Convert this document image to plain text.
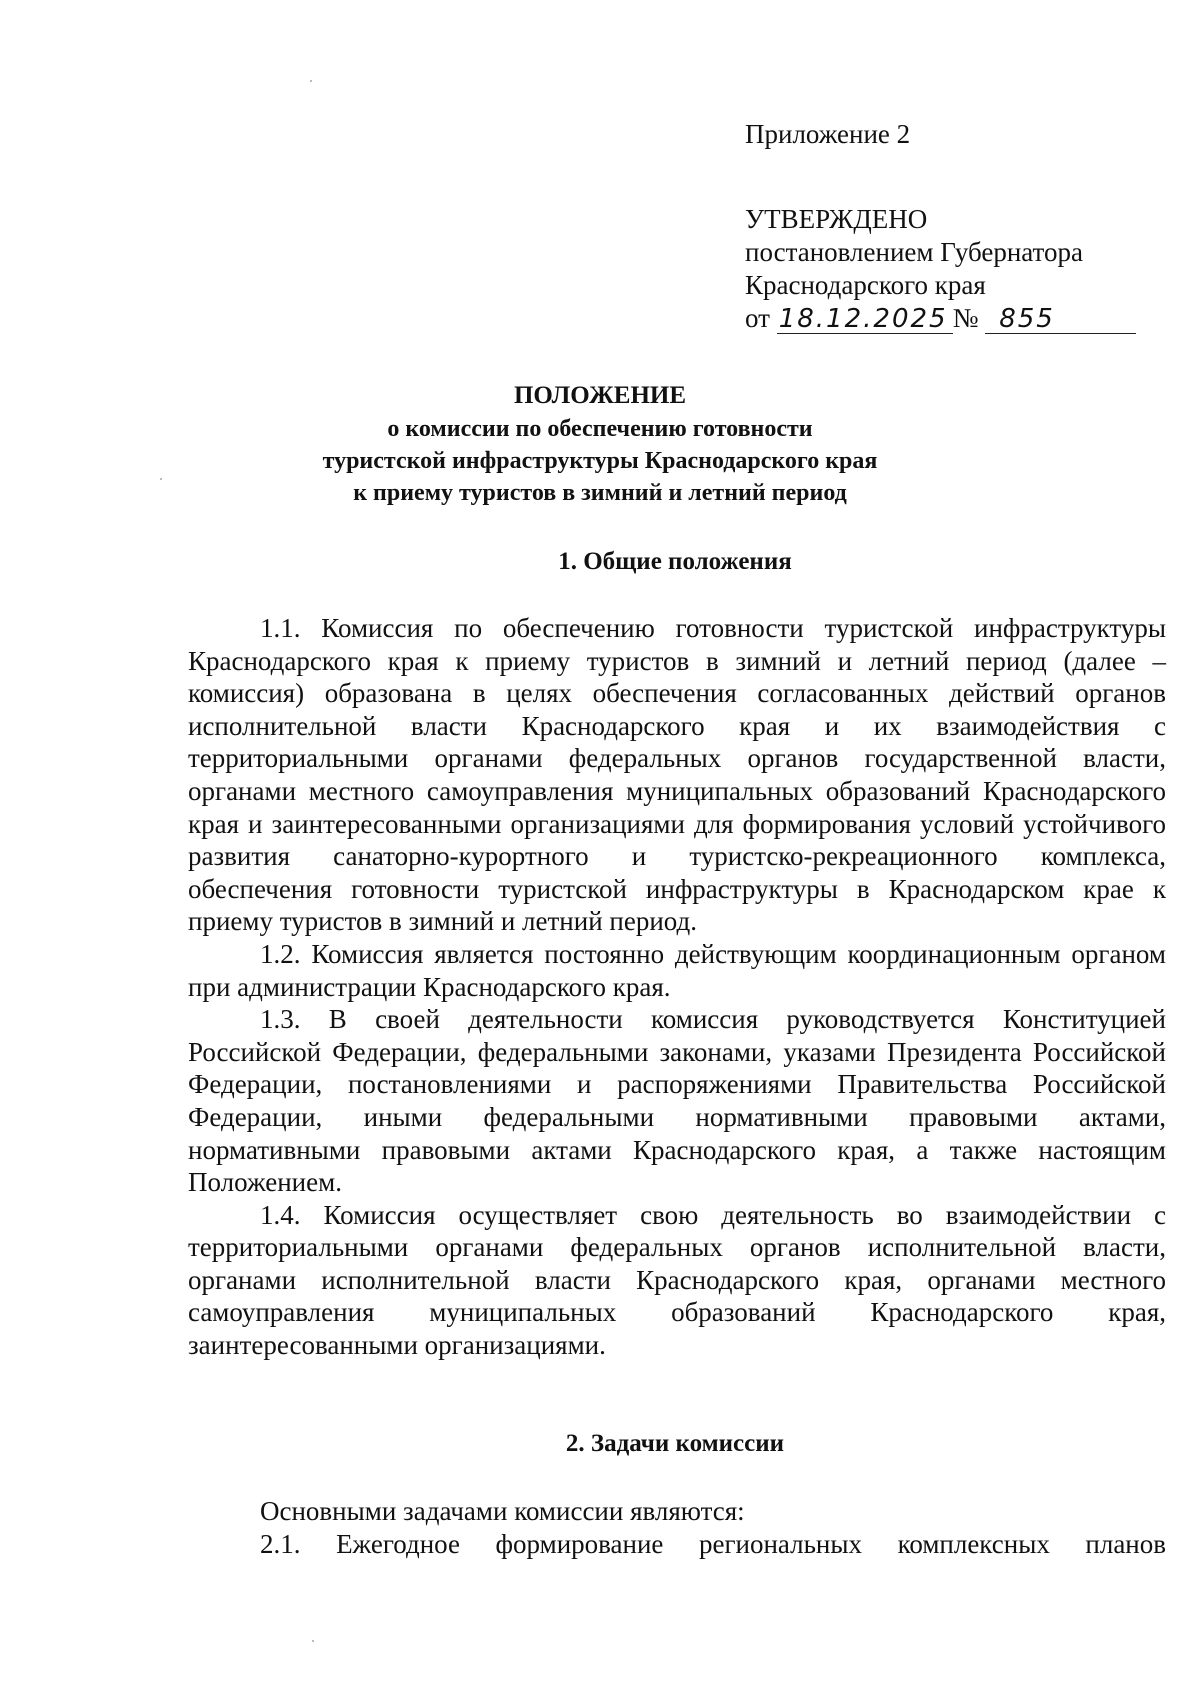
Приложение 2
УТВЕРЖДЕНО
постановлением Губернатора
Краснодарского края
от 18.12.2025 № 855
ПОЛОЖЕНИЕ
о комиссии по обеспечению готовности
туристской инфраструктуры Краснодарского края
к приему туристов в зимний и летний период
1. Общие положения

1.1. Комиссия по обеспечению готовности туристской инфраструктуры Краснодарского края к приему туристов в зимний и летний период (далее – комиссия) образована в целях обеспечения согласованных действий органов исполнительной власти Краснодарского края и их взаимодействия с территориальными органами федеральных органов государственной власти, органами местного самоуправления муниципальных образований Краснодарского края и заинтересованными организациями для формирования условий устойчивого развития санаторно-курортного и туристско-рекреационного комплекса, обеспечения готовности туристской инфраструктуры в Краснодарском крае к приему туристов в зимний и летний период.

1.2. Комиссия является постоянно действующим координационным органом при администрации Краснодарского края.

1.3. В своей деятельности комиссия руководствуется Конституцией Российской Федерации, федеральными законами, указами Президента Российской Федерации, постановлениями и распоряжениями Правительства Российской Федерации, иными федеральными нормативными правовыми актами, нормативными правовыми актами Краснодарского края, а также настоящим Положением.

1.4. Комиссия осуществляет свою деятельность во взаимодействии с территориальными органами федеральных органов исполнительной власти, органами исполнительной власти Краснодарского края, органами местного самоуправления муниципальных образований Краснодарского края, заинтересованными организациями.

2. Задачи комиссии

Основными задачами комиссии являются:

2.1. Ежегодное формирование региональных комплексных планов
